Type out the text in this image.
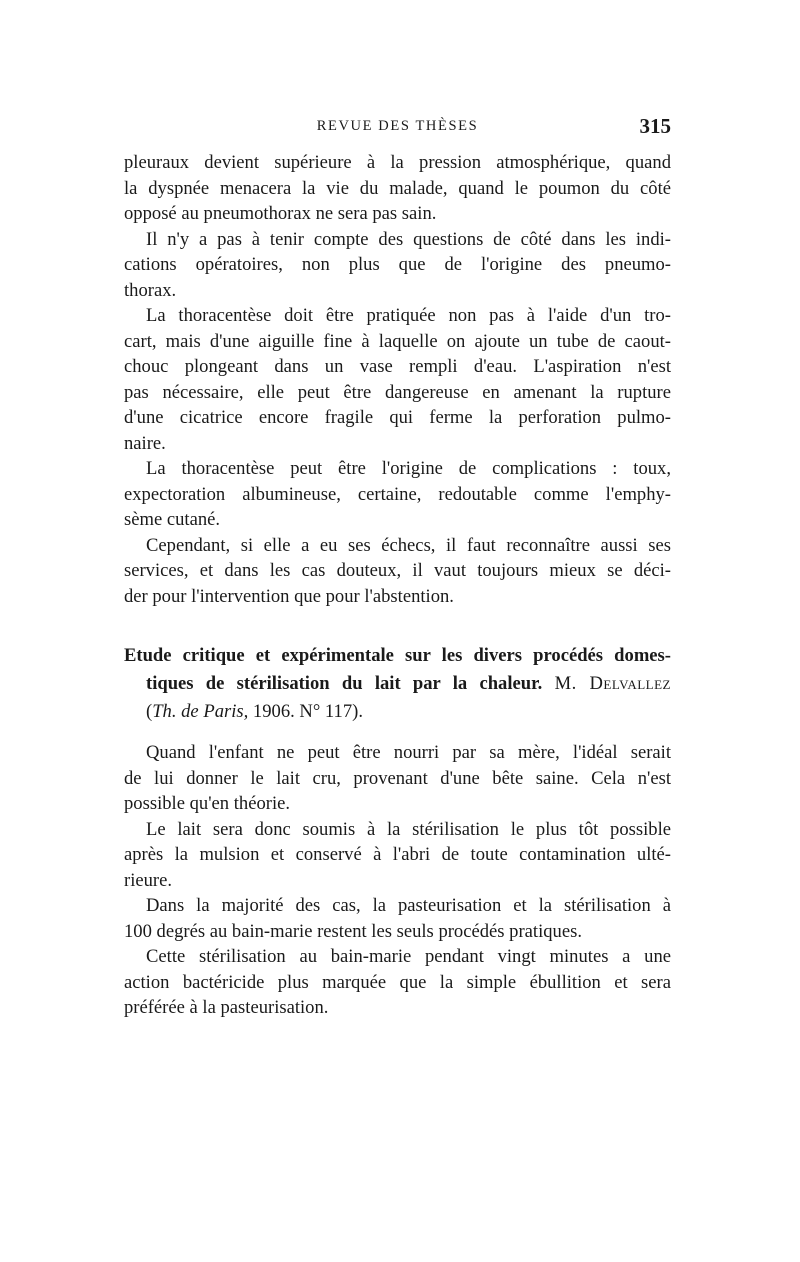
REVUE DES THÈSES	315
pleuraux devient supérieure à la pression atmosphérique, quand
la dyspnée menacera la vie du malade, quand le poumon du côté
opposé au pneumothorax ne sera pas sain.
Il n'y a pas à tenir compte des questions de côté dans les indi-
cations opératoires, non plus que de l'origine des pneumo-
thorax.
La thoracentèse doit être pratiquée non pas à l'aide d'un tro-
cart, mais d'une aiguille fine à laquelle on ajoute un tube de caout-
chouc plongeant dans un vase rempli d'eau. L'aspiration n'est
pas nécessaire, elle peut être dangereuse en amenant la rupture
d'une cicatrice encore fragile qui ferme la perforation pulmo-
naire.
La thoracentèse peut être l'origine de complications : toux,
expectoration albumineuse, certaine, redoutable comme l'emphy-
sème cutané.
Cependant, si elle a eu ses échecs, il faut reconnaître aussi ses
services, et dans les cas douteux, il vaut toujours mieux se déci-
der pour l'intervention que pour l'abstention.
Etude critique et expérimentale sur les divers procédés domes-
tiques de stérilisation du lait par la chaleur. M. Delvallez
(Th. de Paris, 1906. N° 117).
Quand l'enfant ne peut être nourri par sa mère, l'idéal serait
de lui donner le lait cru, provenant d'une bête saine. Cela n'est
possible qu'en théorie.
Le lait sera donc soumis à la stérilisation le plus tôt possible
après la mulsion et conservé à l'abri de toute contamination ulté-
rieure.
Dans la majorité des cas, la pasteurisation et la stérilisation à
100 degrés au bain-marie restent les seuls procédés pratiques.
Cette stérilisation au bain-marie pendant vingt minutes a une
action bactéricide plus marquée que la simple ébullition et sera
préférée à la pasteurisation.
